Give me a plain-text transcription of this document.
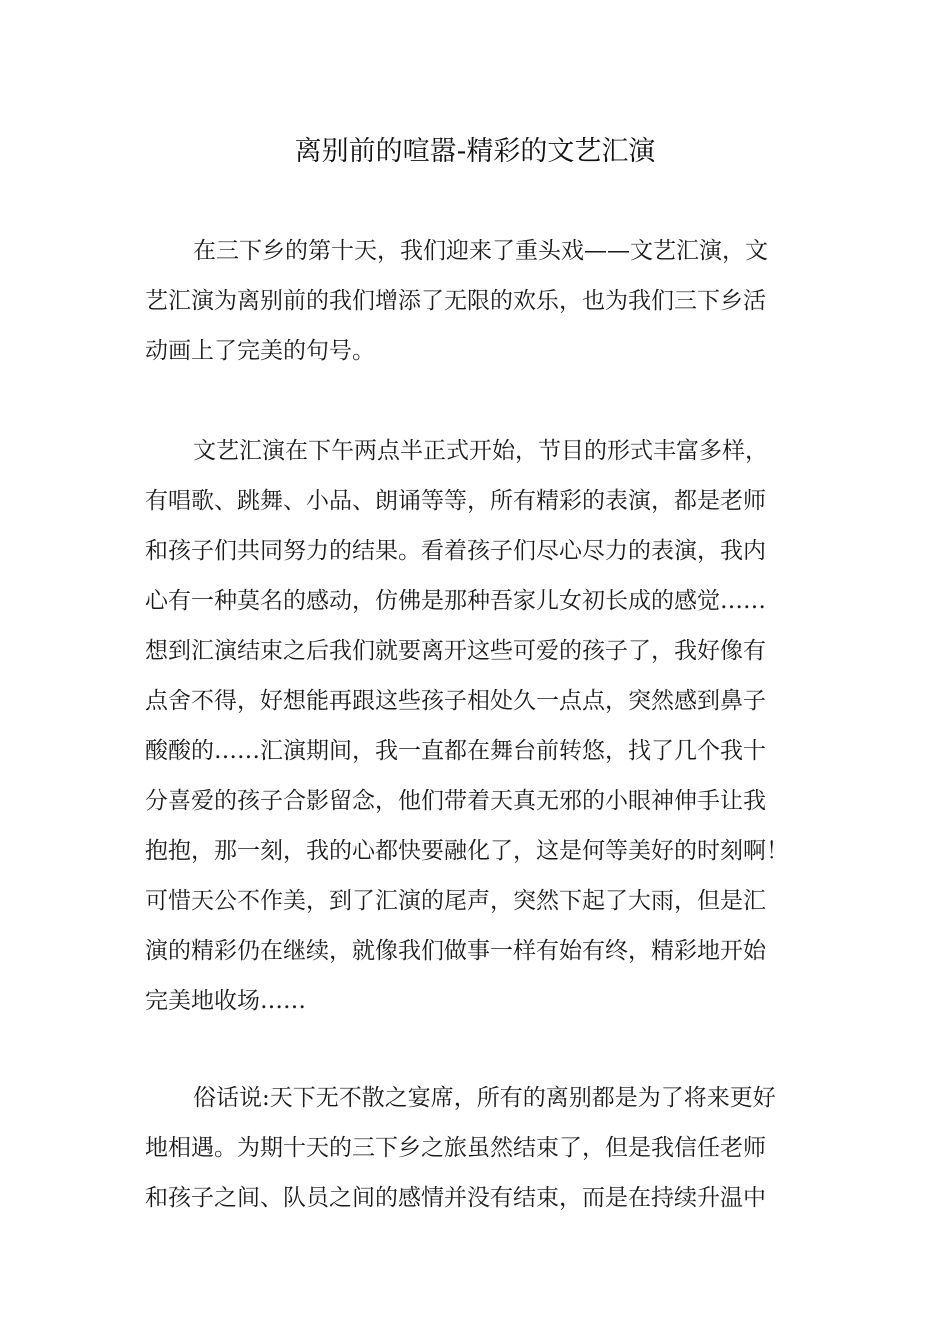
离别前的喧嚣-精彩的文艺汇演
在三下乡的第十天，我们迎来了重头戏——文艺汇演，文
艺汇演为离别前的我们增添了无限的欢乐，也为我们三下乡活
动画上了完美的句号。
文艺汇演在下午两点半正式开始，节目的形式丰富多样，
有唱歌、跳舞、小品、朗诵等等，所有精彩的表演，都是老师
和孩子们共同努力的结果。看着孩子们尽心尽力的表演，我内
心有一种莫名的感动，仿佛是那种吾家儿女初长成的感觉……
想到汇演结束之后我们就要离开这些可爱的孩子了，我好像有
点舍不得，好想能再跟这些孩子相处久一点点，突然感到鼻子
酸酸的……汇演期间，我一直都在舞台前转悠，找了几个我十
分喜爱的孩子合影留念，他们带着天真无邪的小眼神伸手让我
抱抱，那一刻，我的心都快要融化了，这是何等美好的时刻啊！
可惜天公不作美，到了汇演的尾声，突然下起了大雨，但是汇
演的精彩仍在继续，就像我们做事一样有始有终，精彩地开始
完美地收场……
俗话说:天下无不散之宴席，所有的离别都是为了将来更好
地相遇。为期十天的三下乡之旅虽然结束了，但是我信任老师
和孩子之间、队员之间的感情并没有结束，而是在持续升温中
